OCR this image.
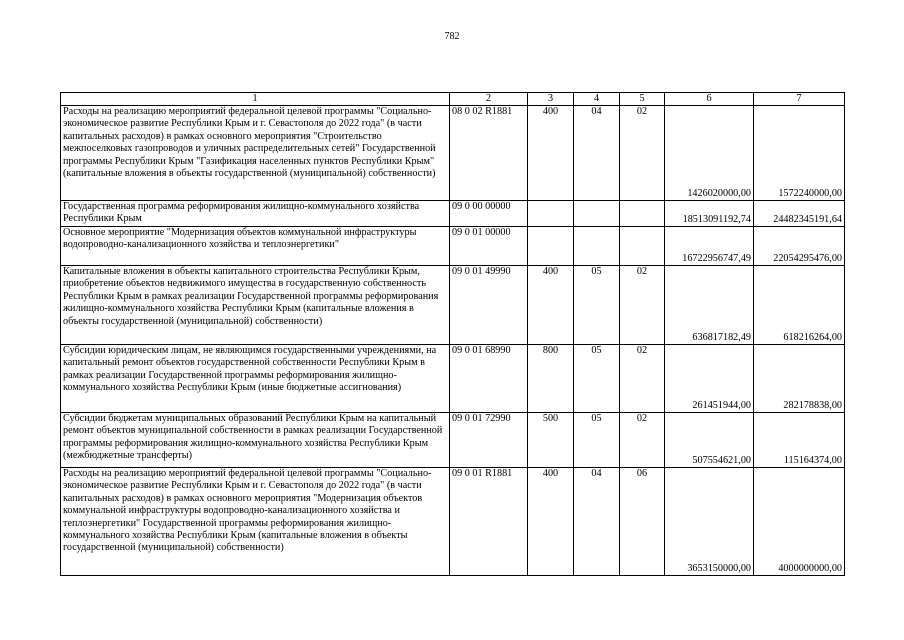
782
1	2	3	4	5	6	7
Расходы на реализацию мероприятий федеральной целевой программы "Социально-экономическое развитие Республики Крым и г. Севастополя до 2022 года" (в части капитальных расходов) в рамках основного мероприятия "Строительство межпоселковых газопроводов и уличных распределительных сетей" Государственной программы Республики Крым "Газификация населенных пунктов Республики Крым" (капитальные вложения в объекты государственной (муниципальной) собственности)	08 0 02 R1881	400	04	02	1426020000,00	1572240000,00
Государственная программа реформирования жилищно-коммунального хозяйства Республики Крым	09 0 00 00000				18513091192,74	24482345191,64
Основное мероприятие "Модернизация объектов коммунальной инфраструктуры водопроводно-канализационного хозяйства и теплоэнергетики"	09 0 01 00000				16722956747,49	22054295476,00
Капитальные вложения в объекты капитального строительства Республики Крым, приобретение объектов недвижимого имущества в государственную собственность Республики Крым в рамках реализации Государственной программы реформирования жилищно-коммунального хозяйства Республики Крым (капитальные вложения в объекты государственной (муниципальной) собственности)	09 0 01 49990	400	05	02	636817182,49	618216264,00
Субсидии юридическим лицам, не являющимся государственными учреждениями, на капитальный ремонт объектов государственной собственности Республики Крым в рамках реализации Государственной программы реформирования жилищно-коммунального хозяйства Республики Крым (иные бюджетные ассигнования)	09 0 01 68990	800	05	02	261451944,00	282178838,00
Субсидии бюджетам муниципальных образований Республики Крым на капитальный ремонт объектов муниципальной собственности в рамках реализации Государственной программы реформирования жилищно-коммунального хозяйства Республики Крым (межбюджетные трансферты)	09 0 01 72990	500	05	02	507554621,00	115164374,00
Расходы на реализацию мероприятий федеральной целевой программы "Социально-экономическое развитие Республики Крым и г. Севастополя до 2022 года" (в части капитальных расходов) в рамках основного мероприятия "Модернизация объектов коммунальной инфраструктуры водопроводно-канализационного хозяйства и теплоэнергетики" Государственной программы реформирования жилищно-коммунального хозяйства Республики Крым (капитальные вложения в объекты государственной (муниципальной) собственности)	09 0 01 R1881	400	04	06	3653150000,00	4000000000,00
